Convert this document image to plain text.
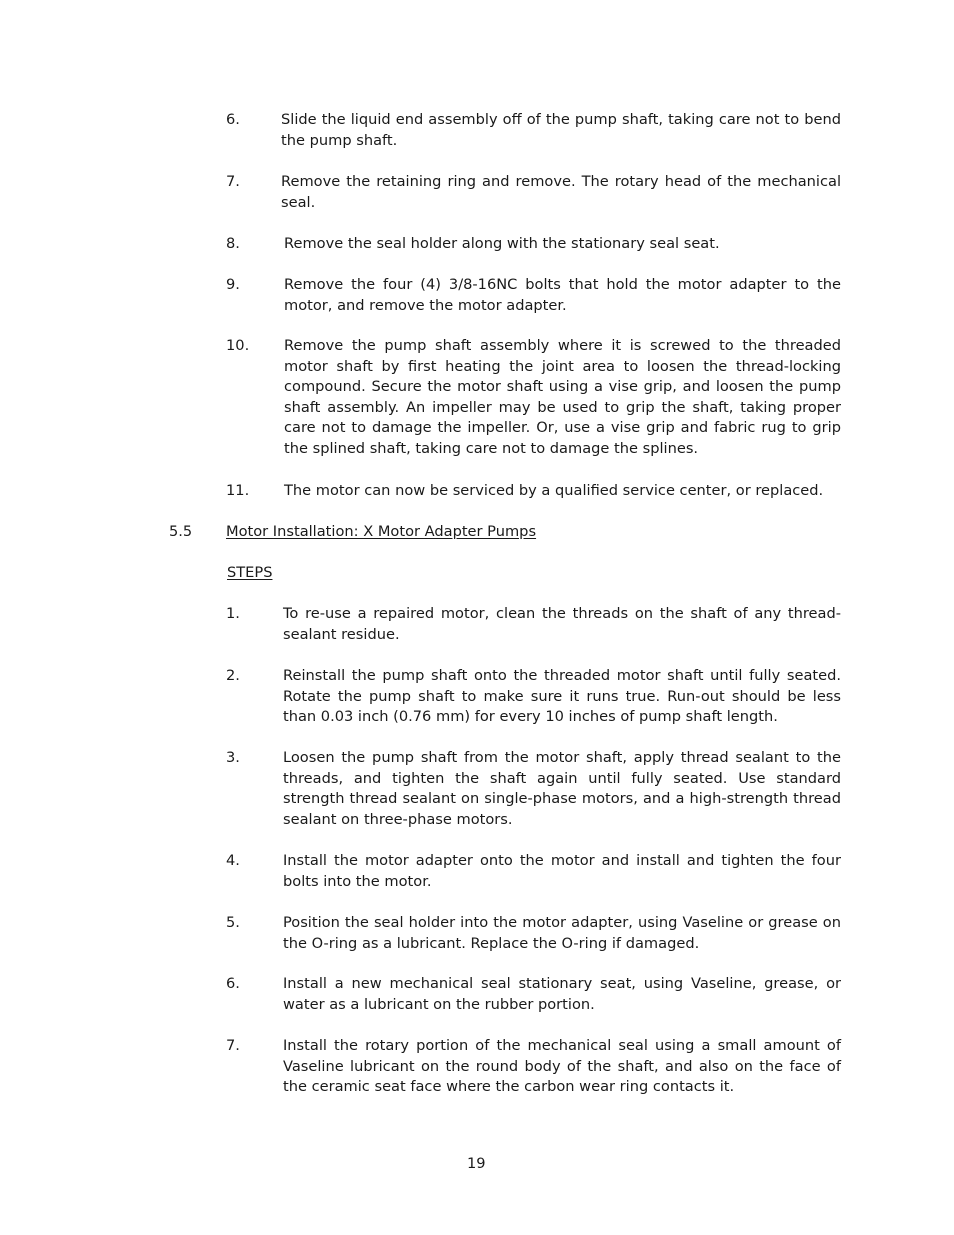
6.	Slide the liquid end assembly off of the pump shaft, taking care not to bend the pump shaft.
7.	Remove the retaining ring and remove. The rotary head of the mechanical seal.
8.	Remove the seal holder along with the stationary seal seat.
9.	Remove the four (4) 3/8-16NC bolts that hold the motor adapter to the motor, and remove the motor adapter.
10. Remove the pump shaft assembly where it is screwed to the threaded motor shaft by first heating the joint area to loosen the thread-locking compound. Secure the motor shaft using a vise grip, and loosen the pump shaft assembly. An impeller may be used to grip the shaft, taking proper care not to damage the impeller. Or, use a vise grip and fabric rug to grip the splined shaft, taking care not to damage the splines.
11. The motor can now be serviced by a qualified service center, or replaced.
5.5 Motor Installation: X Motor Adapter Pumps
STEPS
1.	To re-use a repaired motor, clean the threads on the shaft of any thread-sealant residue.
2.	Reinstall the pump shaft onto the threaded motor shaft until fully seated. Rotate the pump shaft to make sure it runs true. Run-out should be less than 0.03 inch (0.76 mm) for every 10 inches of pump shaft length.
3.	Loosen the pump shaft from the motor shaft, apply thread sealant to the threads, and tighten the shaft again until fully seated. Use standard strength thread sealant on single-phase motors, and a high-strength thread sealant on three-phase motors.
4.	Install the motor adapter onto the motor and install and tighten the four bolts into the motor.
5.	Position the seal holder into the motor adapter, using Vaseline or grease on the O-ring as a lubricant. Replace the O-ring if damaged.
6.	Install a new mechanical seal stationary seat, using Vaseline, grease, or water as a lubricant on the rubber portion.
7.	Install the rotary portion of the mechanical seal using a small amount of Vaseline lubricant on the round body of the shaft, and also on the face of the ceramic seat face where the carbon wear ring contacts it.
19
